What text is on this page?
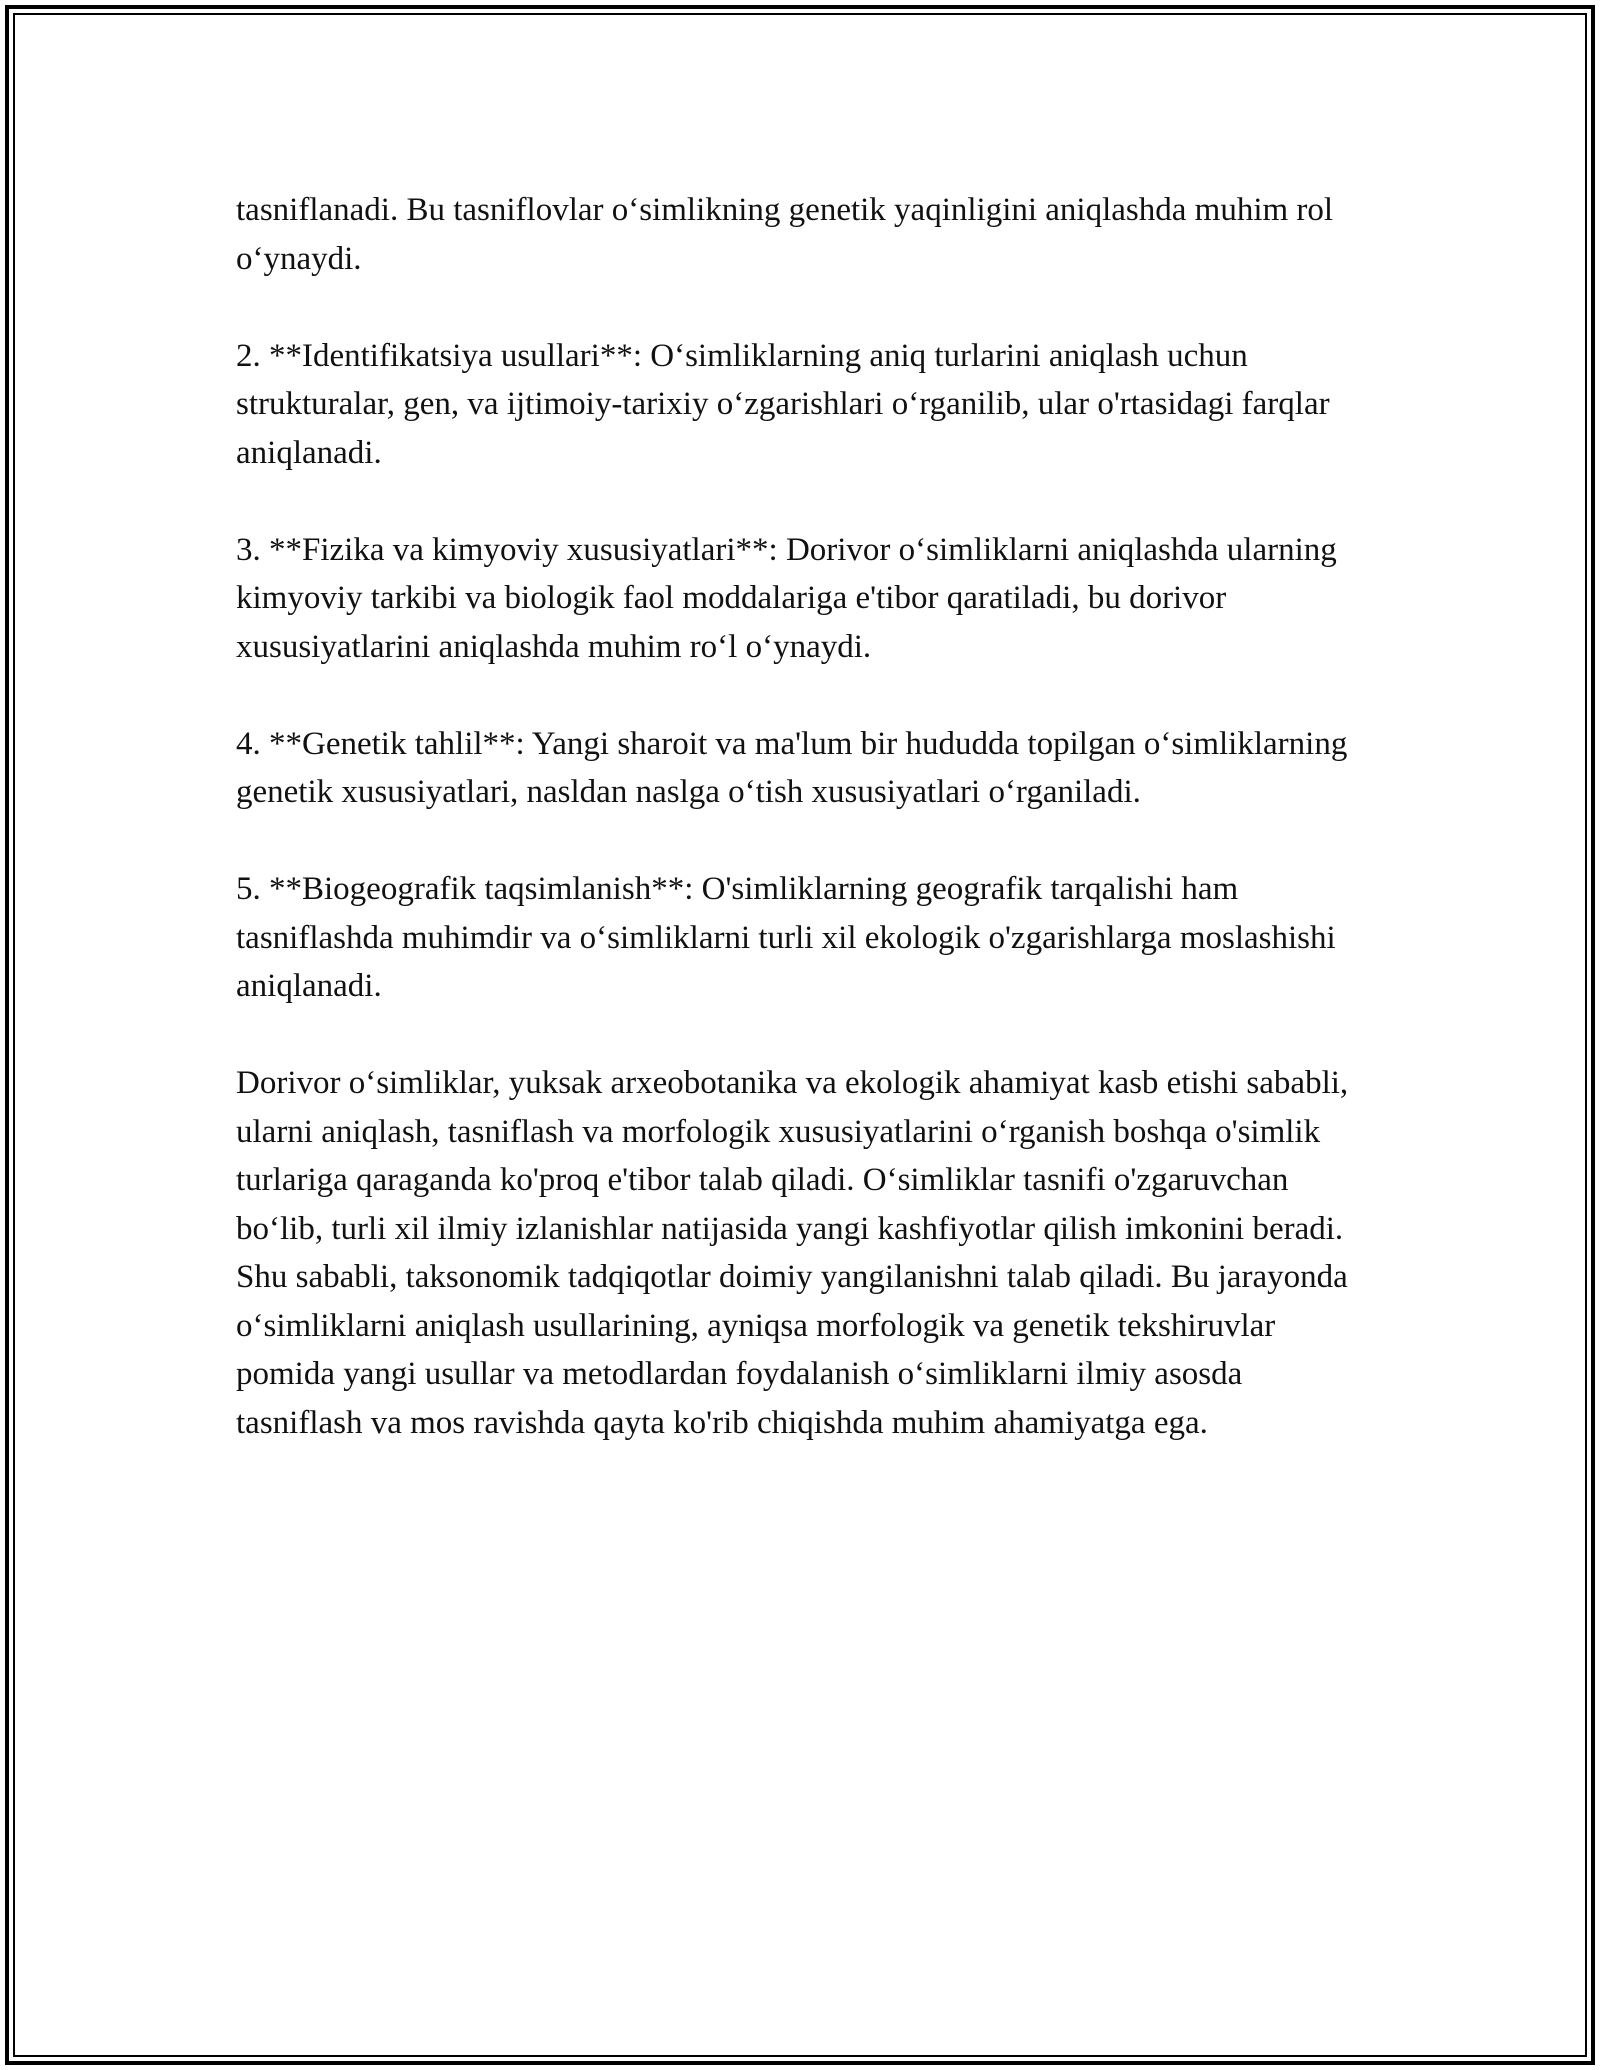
tasniflanadi. Bu tasniflovlar o‘simlikning genetik yaqinligini aniqlashda muhim rol o‘ynaydi.

2. **Identifikatsiya usullari**: O‘simliklarning aniq turlarini aniqlash uchun strukturalar, gen, va ijtimoiy-tarixiy o‘zgarishlari o‘rganilib, ular o'rtasidagi farqlar aniqlanadi.

3. **Fizika va kimyoviy xususiyatlari**: Dorivor o‘simliklarni aniqlashda ularning kimyoviy tarkibi va biologik faol moddalariga e'tibor qaratiladi, bu dorivor xususiyatlarini aniqlashda muhim ro‘l o‘ynaydi.

4. **Genetik tahlil**: Yangi sharoit va ma'lum bir hududda topilgan o‘simliklarning genetik xususiyatlari, nasldan naslga o‘tish xususiyatlari o‘rganiladi.

5. **Biogeografik taqsimlanish**: O'simliklarning geografik tarqalishi ham tasniflashda muhimdir va o‘simliklarni turli xil ekologik o'zgarishlarga moslashishi aniqlanadi.

Dorivor o‘simliklar, yuksak arxeobotanika va ekologik ahamiyat kasb etishi sababli, ularni aniqlash, tasniflash va morfologik xususiyatlarini o‘rganish boshqa o'simlik turlariga qaraganda ko'proq e'tibor talab qiladi. O‘simliklar tasnifi o'zgaruvchan bo‘lib, turli xil ilmiy izlanishlar natijasida yangi kashfiyotlar qilish imkonini beradi. Shu sababli, taksonomik tadqiqotlar doimiy yangilanishni talab qiladi. Bu jarayonda o‘simliklarni aniqlash usullarining, ayniqsa morfologik va genetik tekshiruvlar pomida yangi usullar va metodlardan foydalanish o‘simliklarni ilmiy asosda tasniflash va mos ravishda qayta ko'rib chiqishda muhim ahamiyatga ega.
